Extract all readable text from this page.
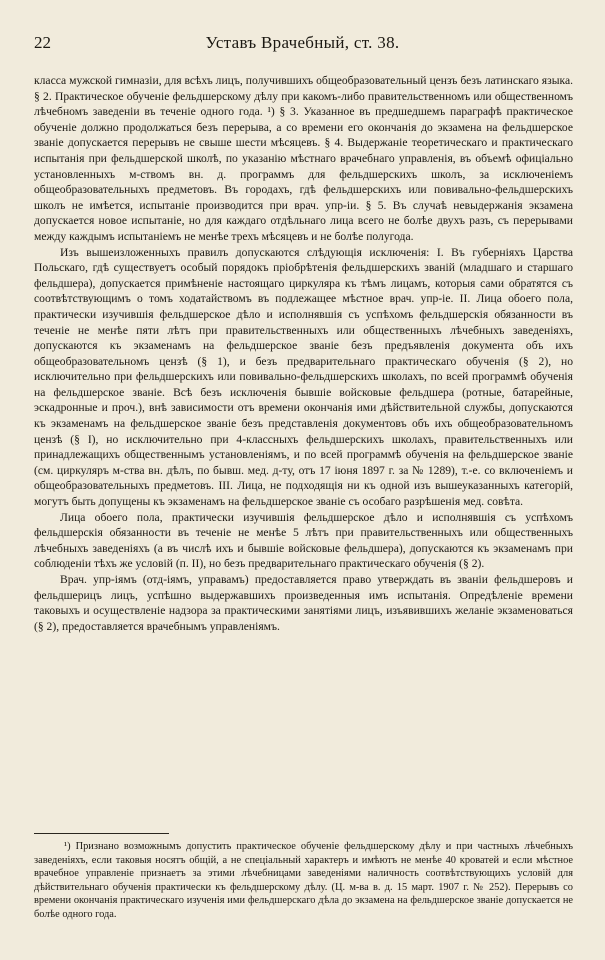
22	Уставъ Врачебный, ст. 38.

класса мужской гимназiи, для всѣхъ лицъ, получившихъ общеобразовательный цензъ безъ латинскаго языка. § 2. Практическое обученiе фельдшерскому дѣлу при какомъ-либо правительственномъ или общественномъ лѣчебномъ заведенiи въ теченiе одного года. ¹) § 3. Указанное въ предшедшемъ параграфѣ практическое обученiе должно продолжаться безъ перерыва, а со времени его окончанiя до экзамена на фельдшерское званiе допускается перерывъ не свыше шести мѣсяцевъ. § 4. Выдержанiе теоретическаго и практическаго испытанiя при фельдшерской школѣ, по указанiю мѣстнаго врачебнаго управленiя, въ объемѣ офицiально установленныхъ м-ствомъ вн. д. программъ для фельдшерскихъ школъ, за исключенiемъ общеобразовательныхъ предметовъ. Въ городахъ, гдѣ фельдшерскихъ или повивально-фельдшерскихъ школъ не имѣется, испытанiе производится при врач. упр-iи. § 5. Въ случаѣ невыдержанiя экзамена допускается новое испытанiе, но для каждаго отдѣльнаго лица всего не болѣе двухъ разъ, съ перерывами между каждымъ испытанiемъ не менѣе трехъ мѣсяцевъ и не болѣе полугода.

Изъ вышеизложенныхъ правилъ допускаются слѣдующiя исключенiя: I. Въ губернiяхъ Царства Польскаго, гдѣ существуетъ особый порядокъ прiобрѣтенiя фельдшерскихъ званiй (младшаго и старшаго фельдшера), допускается примѣненiе настоящаго циркуляра къ тѣмъ лицамъ, которыя сами обратятся съ соотвѣтствующимъ о томъ ходатайствомъ въ подлежащее мѣстное врач. упр-iе. II. Лица обоего пола, практически изучившiя фельдшерское дѣло и исполнявшiя съ успѣхомъ фельдшерскiя обязанности въ теченiе не менѣе пяти лѣтъ при правительственныхъ или общественныхъ лѣчебныхъ заведенiяхъ, допускаются къ экзаменамъ на фельдшерское званiе безъ предъявленiя документа объ ихъ общеобразовательномъ цензѣ (§ 1), и безъ предварительнаго практическаго обученiя (§ 2), но исключительно при фельдшерскихъ или повивально-фельдшерскихъ школахъ, по всей программѣ обученiя на фельдшерское званiе. Всѣ безъ исключенiя бывшiе войсковые фельдшера (ротные, батарейные, эскадронные и проч.), внѣ зависимости отъ времени окончанiя ими дѣйствительной службы, допускаются къ экзаменамъ на фельдшерское званiе безъ представленiя документовъ объ ихъ общеобразовательномъ цензѣ (§ I), но исключительно при 4-классныхъ фельдшерскихъ школахъ, правительственныхъ или принадлежащихъ общественнымъ установленiямъ, и по всей программѣ обученiя на фельдшерское званiе (см. циркуляръ м-ства вн. дѣлъ, по бывш. мед. д-ту, отъ 17 iюня 1897 г. за № 1289), т.-е. со включенiемъ и общеобразовательныхъ предметовъ. III. Лица, не подходящiя ни къ одной изъ вышеуказанныхъ категорiй, могутъ быть допущены къ экзаменамъ на фельдшерское званiе съ особаго разрѣшенiя мед. совѣта.

Лица обоего пола, практически изучившiя фельдшерское дѣло и исполнявшiя съ успѣхомъ фельдшерскiя обязанности въ теченiе не менѣе 5 лѣтъ при правительственныхъ или общественныхъ лѣчебныхъ заведенiяхъ (а въ числѣ ихъ и бывшiе войсковые фельдшера), допускаются къ экзаменамъ при соблюденiи тѣхъ же условiй (п. II), но безъ предварительнаго практическаго обученiя (§ 2).

Врач. упр-iямъ (отд-iямъ, управамъ) предоставляется право утверждать въ званiи фельдшеровъ и фельдшерицъ лицъ, успѣшно выдержавшихъ произведенныя имъ испытанiя. Опредѣленiе времени таковыхъ и осуществленiе надзора за практическими занятiями лицъ, изъявившихъ желанiе экзаменоваться (§ 2), предоставляется врачебнымъ управленiямъ.

¹) Признано возможнымъ допустить практическое обученiе фельдшерскому дѣлу и при частныхъ лѣчебныхъ заведенiяхъ, если таковыя носятъ общiй, а не спецiальный характеръ и имѣютъ не менѣе 40 кроватей и если мѣстное врачебное управленiе признаетъ за этими лѣчебницами заведенiями наличность соотвѣтствующихъ условiй для дѣйствительнаго обученiя практически къ фельдшерскому дѣлу. (Ц. м-ва в. д. 15 март. 1907 г. № 252). Перерывъ со времени окончанiя практическаго изученiя ими фельдшерскаго дѣла до экзамена на фельдшерское званiе допускается не болѣе одного года.
